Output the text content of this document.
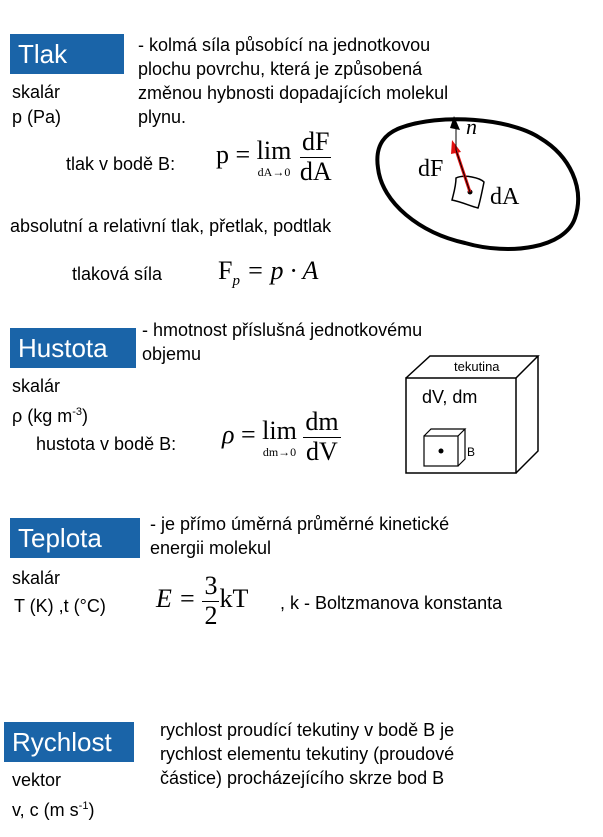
Tlak	- kolmá síla působící na jednotkovou
plochu povrchu, která je způsobená
změnou hybnosti dopadajících molekul
plynu.
skalár
p (Pa)
tlak v bodě B: p = lim
dA→0
$\frac{dF}{dA}$
n
dF
dA
absolutní a relativní tlak, přetlak, podtlak
tlaková síla $F_p = p \cdot A$
Hustota
- hmotnost příslušná jednotkovému
objemu
skalár
ρ (kg $m^{-3}$)
hustota v bodě B: ρ = lim
dm→0
$\frac{dm}{dV}$
tekutina
dV, dm
B
Teplota	- je přímo úměrná průměrné kinetické
energii molekul
skalár
T (K) ,t (°C) $E = \frac{3}{2}$ kT , k - Boltzmanova konstanta
Rychlost	rychlost proudící tekutiny v bodě B je
rychlost elementu tekutiny (proudové
částice) procházejícího skrze bod B
vektor
v, c (m $s^{-1}$)
